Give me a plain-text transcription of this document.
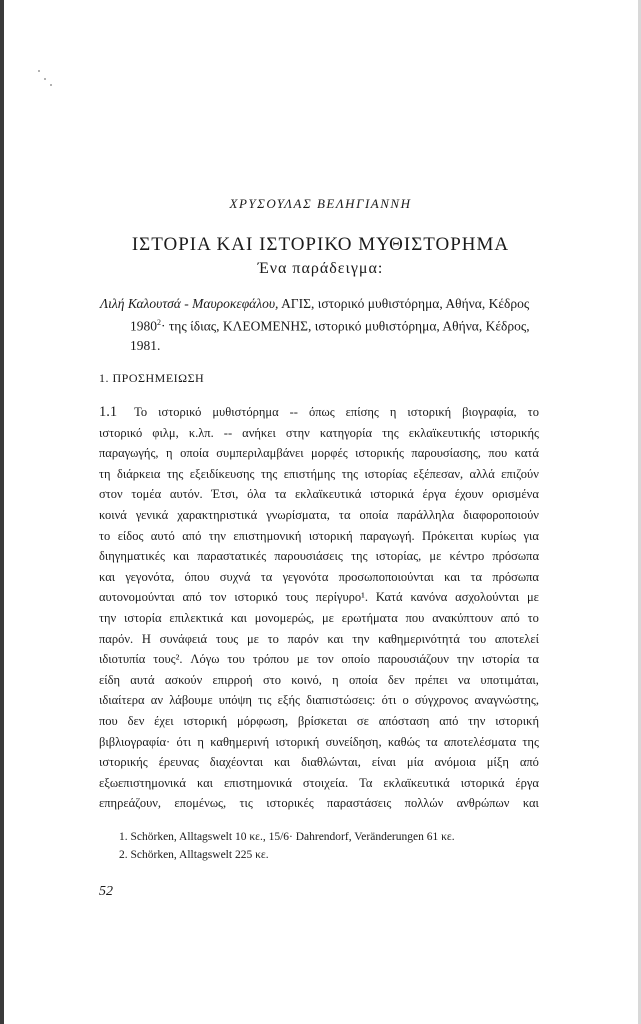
ΧΡΥΣΟΥΛΑΣ ΒΕΛΗΓΙΑΝΝΗ
ΙΣΤΟΡΙΑ ΚΑΙ ΙΣΤΟΡΙΚΟ ΜΥΘΙΣΤΟΡΗΜΑ
Ένα παράδειγμα:
Λιλή Καλουτσά - Μαυροκεφάλου, ΑΓΙΣ, ιστορικό μυθιστόρημα, Αθήνα, Κέδρος
$1980^2\cdot \tau\eta\varsigma$ ίδιας, ΚΛΕΟΜΕΝΗΣ, ιστορικό μυθιστόρημα, Αθήνα, Κέδρος,
1981.
1. ΠΡΟΣΗΜΕΙΩΣΗ
1.1 Το ιστορικό μυθιστόρημα -- όπως επίσης η ιστορική βιογραφία, το
ιστορικό φιλμ, κ.λπ. -- ανήκει στην κατηγορία της εκλαϊκευτικής ιστορικής
παραγωγής, η οποία συμπεριλαμβάνει μορφές ιστορικής παρουσίασης, που κατά
τη διάρκεια της εξειδίκευσης της επιστήμης της ιστορίας εξέπεσαν, αλλά επιζούν
στον τομέα αυτόν. Έτσι, όλα τα εκλαϊκευτικά ιστορικά έργα έχουν ορισμένα
κοινά γενικά χαρακτηριστικά γνωρίσματα, τα οποία παράλληλα διαφοροποιούν
το είδος αυτό από την επιστημονική ιστορική παραγωγή. Πρόκειται κυρίως για
διηγηματικές και παραστατικές παρουσιάσεις της ιστορίας, με κέντρο πρόσωπα
και γεγονότα, όπου συχνά τα γεγονότα προσωποποιούνται και τα πρόσωπα
αυτονομούνται από τον ιστορικό τους περίγυρο¹. Κατά κανόνα ασχολούνται με
την ιστορία επιλεκτικά και μονομερώς, με ερωτήματα που ανακύπτουν από το
παρόν. Η συνάφειά τους με το παρόν και την καθημερινότητά του αποτελεί
ιδιοτυπία τους². Λόγω του τρόπου με τον οποίο παρουσιάζουν την ιστορία τα
είδη αυτά ασκούν επιρροή στο κοινό, η οποία δεν πρέπει να υποτιμάται,
ιδιαίτερα αν λάβουμε υπόψη τις εξής διαπιστώσεις: ότι ο σύγχρονος αναγνώστης,
που δεν έχει ιστορική μόρφωση, βρίσκεται σε απόσταση από την ιστορική
βιβλιογραφία· ότι η καθημερινή ιστορική συνείδηση, καθώς τα αποτελέσματα της
ιστορικής έρευνας διαχέονται και διαθλώνται, είναι μία ανόμοια μίξη από
εξωεπιστημονικά και επιστημονικά στοιχεία. Τα εκλαϊκευτικά ιστορικά έργα
επηρεάζουν, επομένως, τις ιστορικές παραστάσεις πολλών ανθρώπων και
1. Schörken, Alltagswelt 10 κε., 15/6· Dahrendorf, Veränderungen 61 κε.
2. Schörken, Alltagswelt 225 κε.
52
